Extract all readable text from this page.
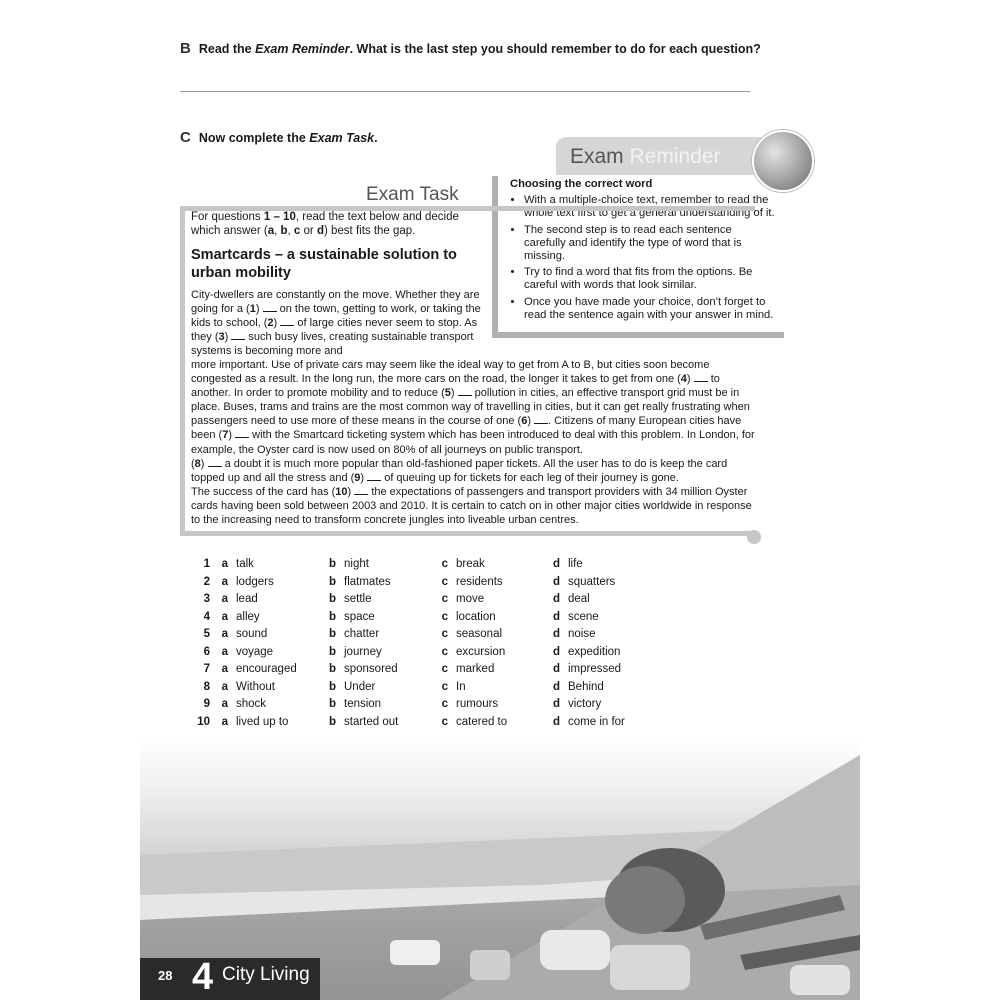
B Read the Exam Reminder. What is the last step you should remember to do for each question?
C Now complete the Exam Task.
Exam Reminder
Choosing the correct word
• With a multiple-choice text, remember to read the whole text first to get a general understanding of it.
• The second step is to read each sentence carefully and identify the type of word that is missing.
• Try to find a word that fits from the options. Be careful with words that look similar.
• Once you have made your choice, don’t forget to read the sentence again with your answer in mind.
Exam Task
For questions 1 – 10, read the text below and decide which answer (a, b, c or d) best fits the gap.
Smartcards – a sustainable solution to urban mobility

City-dwellers are constantly on the move. Whether they are going for a (1)  on the town, getting to work, or taking the kids to school, (2)  of large cities never seem to stop. As they (3)  such busy lives, creating sustainable transport systems is becoming more and

more important. Use of private cars may seem like the ideal way to get from A to B, but cities soon become congested as a result. In the long run, the more cars on the road, the longer it takes to get from one (4)  to another. In order to promote mobility and to reduce (5)  pollution in cities, an effective transport grid must be in place. Buses, trams and trains are the most common way of travelling in cities, but it can get really frustrating when passengers need to use more of these means in the course of one (6) . Citizens of many European cities have been (7)  with the Smartcard ticketing system which has been introduced to deal with this problem. In London, for example, the Oyster card is now used on 80% of all journeys on public transport.

(8)  a doubt it is much more popular than old-fashioned paper tickets. All the user has to do is keep the card topped up and all the stress and (9)  of queuing up for tickets for each leg of their journey is gone.

The success of the card has (10)  the expectations of passengers and transport providers with 34 million Oyster cards having been sold between 2003 and 2010. It is certain to catch on in other major cities worldwide in response to the increasing need to transform concrete jungles into liveable urban centres.

1	a talk	b night	c break	d life
2	a lodgers	b flatmates	c residents	d squatters
3	a lead	b settle	c move	d deal
4	a alley	b space	c location	d scene
5	a sound	b chatter	c seasonal	d noise
6	a voyage	b journey	c excursion	d expedition
7	a encouraged	b sponsored	c marked	d impressed
8	a Without	b Under	c In	d Behind
9	a shock	b tension	c rumours	d victory
10	a lived up to	b started out	c catered to	d come in for
28 4 City Living
